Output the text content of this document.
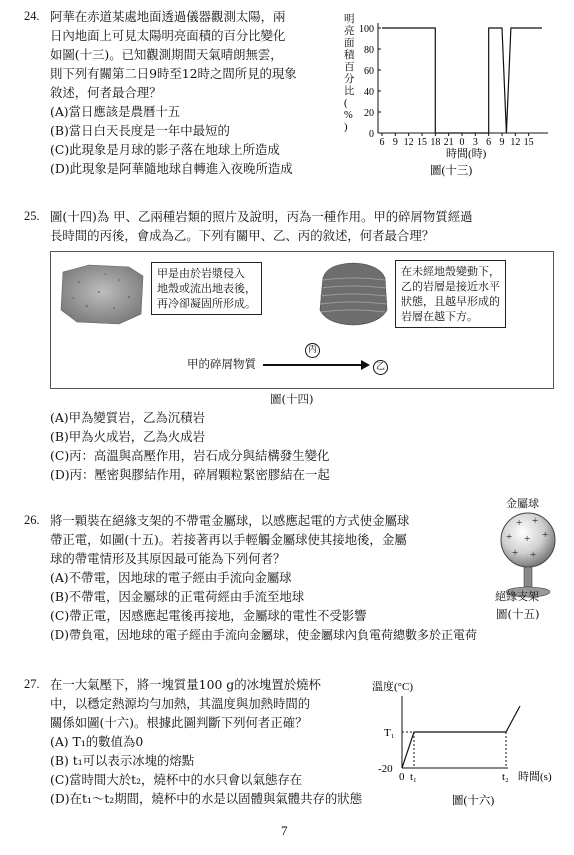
24. 阿華在赤道某處地面透過儀器觀測太陽，兩
日內地面上可見太陽明亮面積的百分比變化
如圖(十三)。已知觀測期間天氣晴朗無雲，
則下列有關第二日9時至12時之間所見的現象
敘述，何者最合理？
(A)當日應該是農曆十五
(B)當日白天長度是一年中最短的
(C)此現象是月球的影子落在地球上所造成
(D)此現象是阿華隨地球自轉進入夜晚所造成
明
亮
面
積
百
分
比
(
%
)
0
20
40
60
80
100
6 9 12 15 18 21 0 3 6 9 12 15
時間(時)
圖(十三)
25. 圖(十四)為 甲、乙兩種岩類的照片及說明，丙為一種作用。甲的碎屑物質經過
長時間的丙後，會成為乙。下列有關甲、乙、丙的敘述，何者最合理？
甲是由於岩漿侵入
地殼或流出地表後，
再冷卻凝固所形成。
在未經地殼變動下，
乙的岩層是接近水平
狀態，且越早形成的
岩層在越下方。
甲的碎屑物質
丙
乙
圖(十四)
(A)甲為變質岩，乙為沉積岩
(B)甲為火成岩，乙為火成岩
(C)丙：高溫與高壓作用，岩石成分與結構發生變化
(D)丙：壓密與膠結作用，碎屑顆粒緊密膠結在一起
26. 將一顆裝在絕緣支架的不帶電金屬球，以感應起電的方式使金屬球
帶正電，如圖(十五)。若接著再以手輕觸金屬球使其接地後，金屬
球的帶電情形及其原因最可能為下列何者？
(A)不帶電，因地球的電子經由手流向金屬球
(B)不帶電，因金屬球的正電荷經由手流至地球
(C)帶正電，因感應起電後再接地，金屬球的電性不受影響
(D)帶負電，因地球的電子經由手流向金屬球，使金屬球內負電荷總數多於正電荷
金屬球
+ +
+	+
+ +
+
絕緣支架
圖(十五)
27. 在一大氣壓下，將一塊質量100 g的冰塊置於燒杯
中，以穩定熱源均勻加熱，其溫度與加熱時間的
關係如圖(十六)。根據此圖判斷下列何者正確？
(A) T₁的數值為0
(B) t₁可以表示冰塊的熔點
(C)當時間大於t₂，燒杯中的水只會以氣態存在
(D)在t₁～t₂期間，燒杯中的水是以固體與氣體共存的狀態
溫度(°C)
T₁
-20
0 t₁	t₂ 時間(s)
圖(十六)
7
